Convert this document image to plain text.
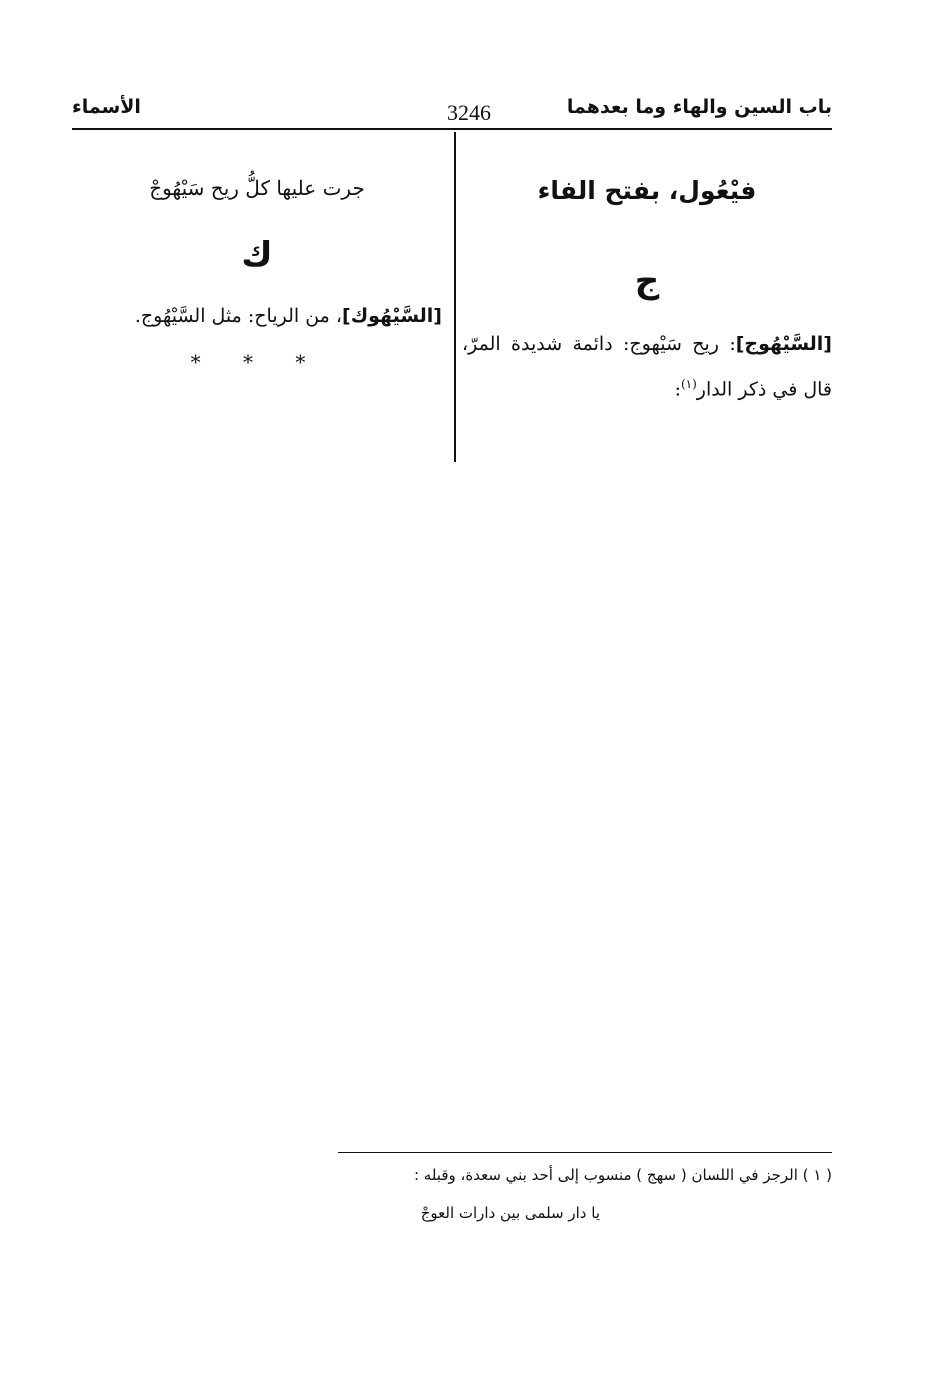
باب السين والهاء وما بعدهما
3246
الأسماء
فيْعُول، بفتح الفاء
ج
[السَّيْهُوج]: ريح سَيْهوج: دائمة شديدة المرّ، قال في ذكر الدار$^{(١)}$:
جرت عليها كلُّ ريح سَيْهُوجْ
ك
[السَّيْهُوك]، من الرياح: مثل السَّيْهُوج.
* * *
( ١ ) الرجز في اللسان ( سهج ) منسوب إلى أحد بني سعدة، وقبله :
يا دار سلمى بين دارات العوجْ
